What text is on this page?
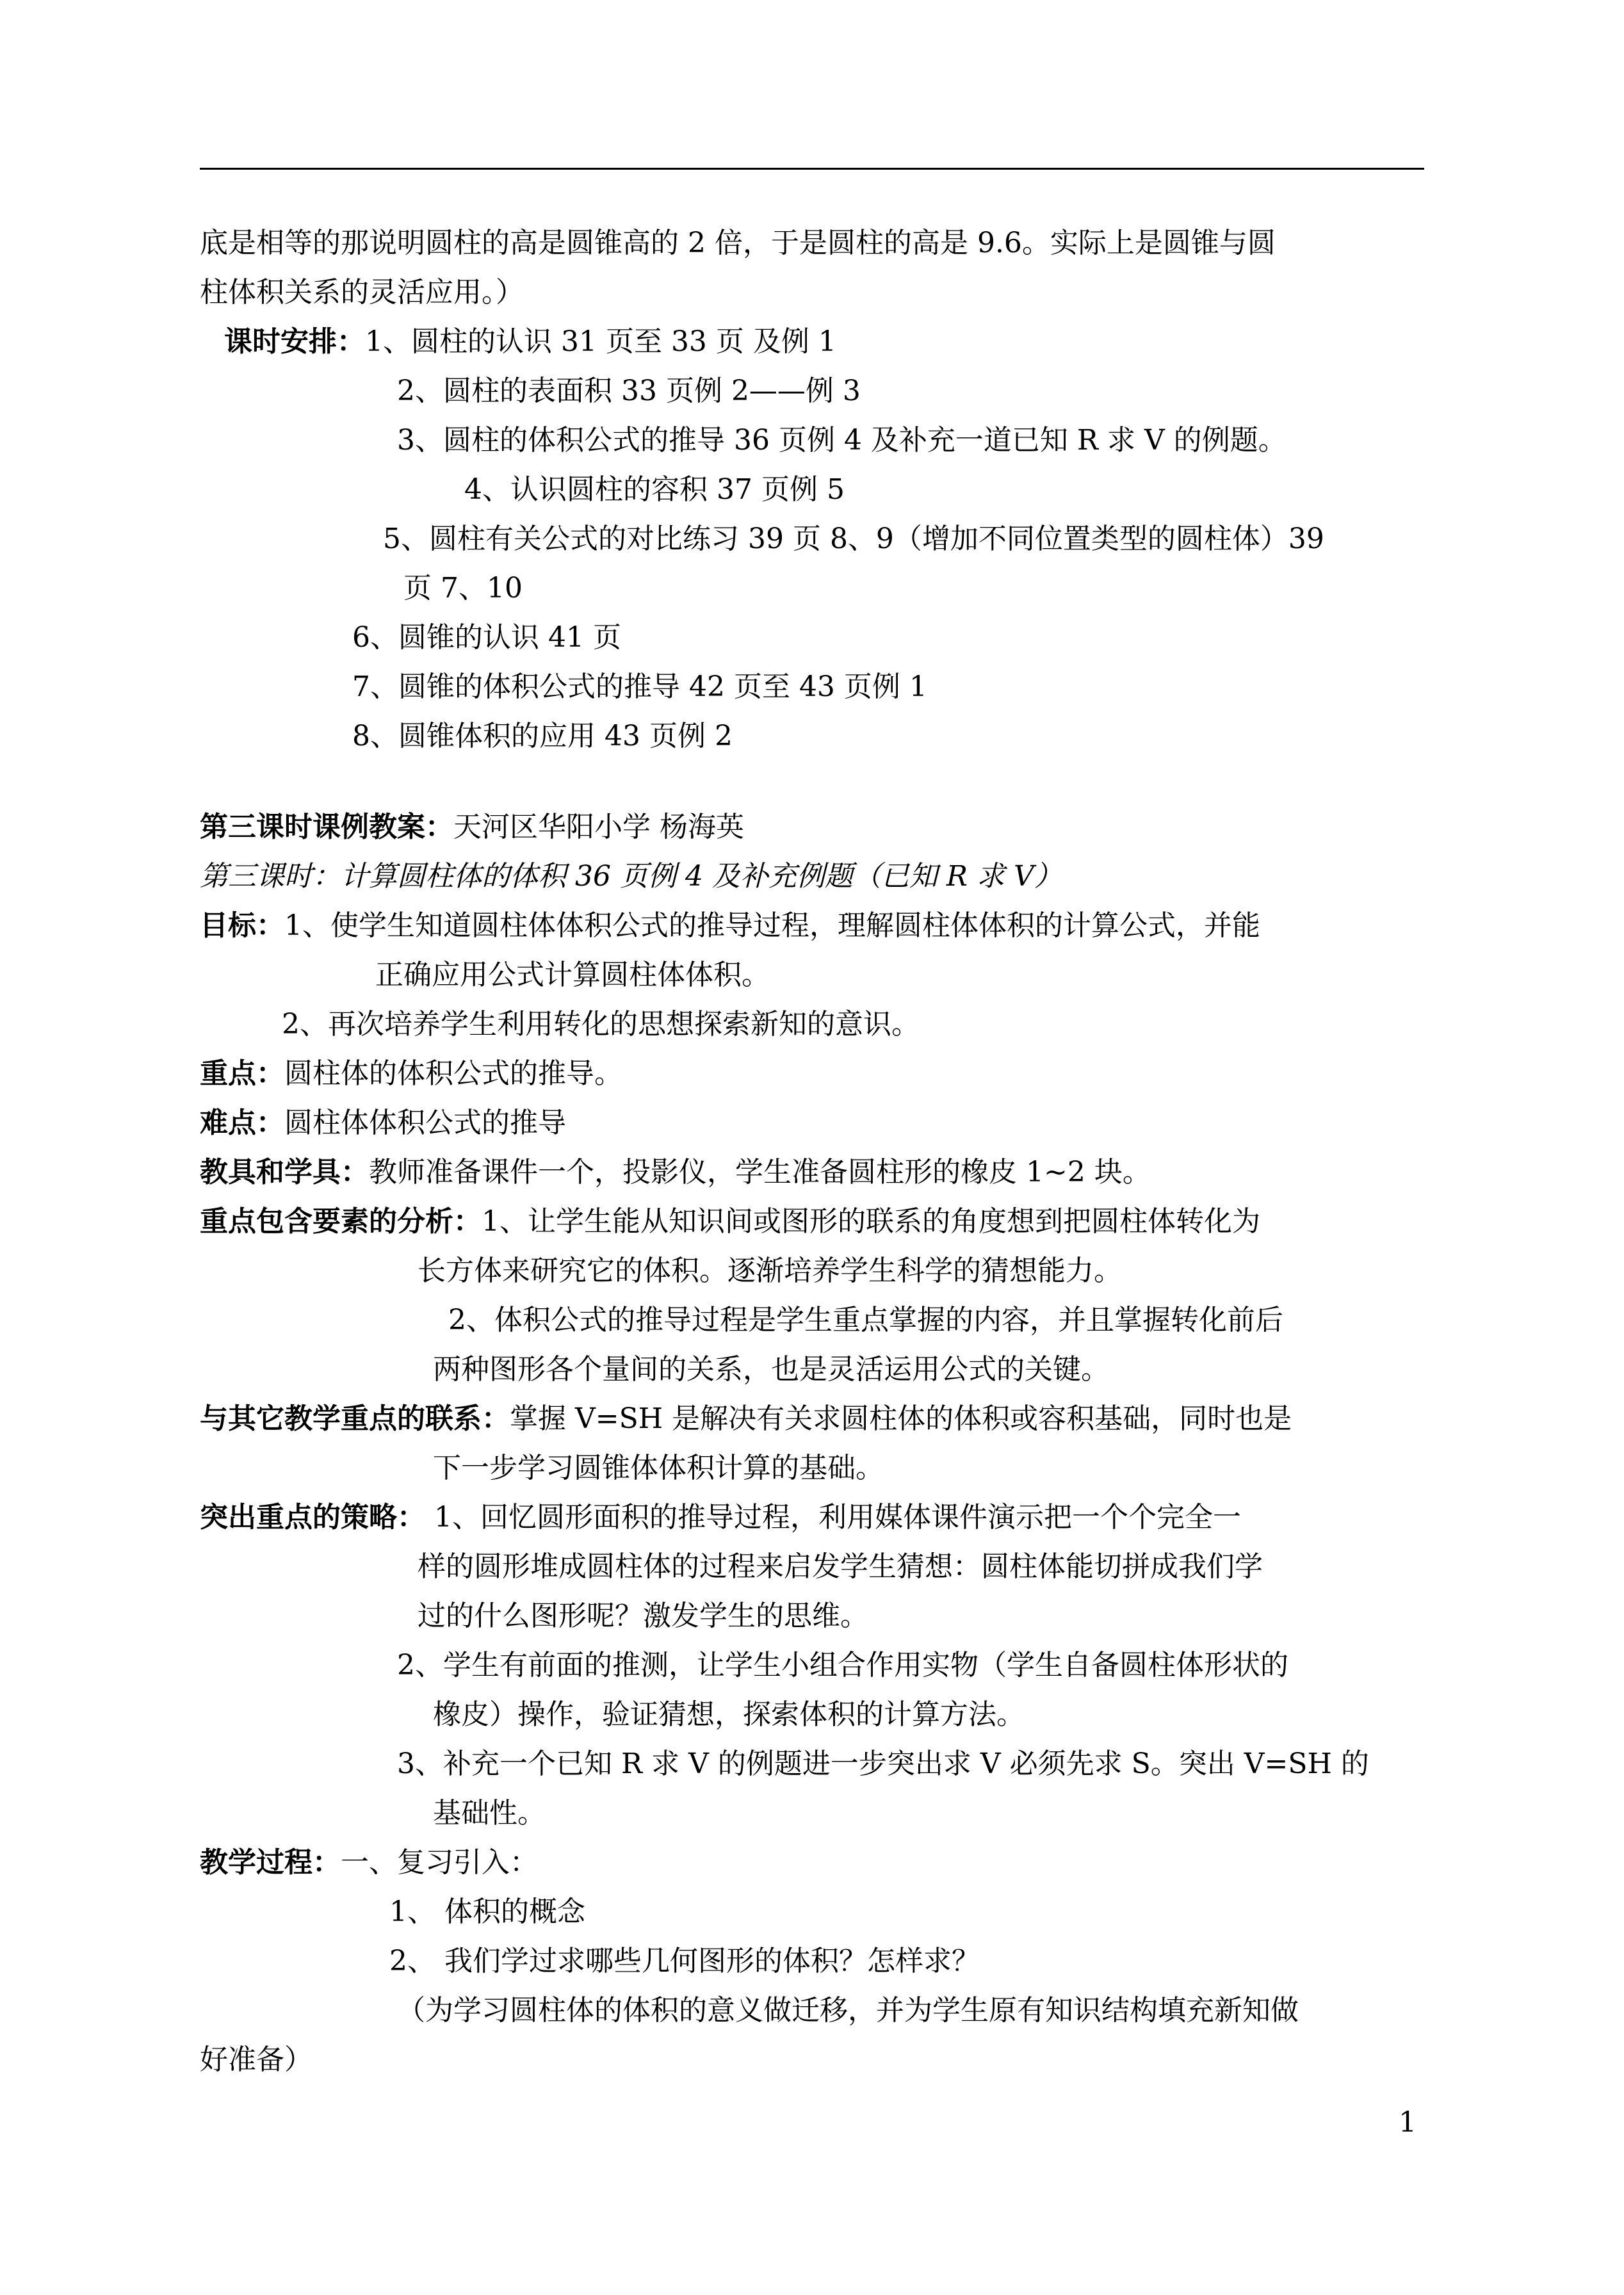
底是相等的那说明圆柱的高是圆锥高的 2 倍，于是圆柱的高是 9.6。实际上是圆锥与圆

柱体积关系的灵活应用。）

课时安排：1、圆柱的认识 31 页至 33 页 及例 1

2、圆柱的表面积 33 页例 2——例 3

3、圆柱的体积公式的推导 36 页例 4 及补充一道已知 R 求 V 的例题。

4、认识圆柱的容积 37 页例 5

5、圆柱有关公式的对比练习 39 页 8、9（增加不同位置类型的圆柱体）39

页 7、10

6、圆锥的认识 41 页

7、圆锥的体积公式的推导 42 页至 43 页例 1

8、圆锥体积的应用 43 页例 2

第三课时课例教案：天河区华阳小学 杨海英

第三课时：计算圆柱体的体积 36 页例 4 及补充例题（已知 R 求 V）

目标：1、使学生知道圆柱体体积公式的推导过程，理解圆柱体体积的计算公式，并能

正确应用公式计算圆柱体体积。

2、再次培养学生利用转化的思想探索新知的意识。

重点：圆柱体的体积公式的推导。

难点：圆柱体体积公式的推导

教具和学具：教师准备课件一个，投影仪，学生准备圆柱形的橡皮 1~2 块。

重点包含要素的分析：1、让学生能从知识间或图形的联系的角度想到把圆柱体转化为

长方体来研究它的体积。逐渐培养学生科学的猜想能力。

2、体积公式的推导过程是学生重点掌握的内容，并且掌握转化前后

两种图形各个量间的关系，也是灵活运用公式的关键。

与其它教学重点的联系：掌握 V=SH 是解决有关求圆柱体的体积或容积基础，同时也是

下一步学习圆锥体体积计算的基础。

突出重点的策略： 1、回忆圆形面积的推导过程，利用媒体课件演示把一个个完全一

样的圆形堆成圆柱体的过程来启发学生猜想：圆柱体能切拼成我们学

过的什么图形呢？激发学生的思维。

2、学生有前面的推测，让学生小组合作用实物（学生自备圆柱体形状的

橡皮）操作，验证猜想，探索体积的计算方法。

3、补充一个已知 R 求 V 的例题进一步突出求 V 必须先求 S。突出 V=SH 的

基础性。

教学过程：一、复习引入：

1、 体积的概念

2、 我们学过求哪些几何图形的体积？怎样求？

（为学习圆柱体的体积的意义做迁移，并为学生原有知识结构填充新知做

好准备）

1
